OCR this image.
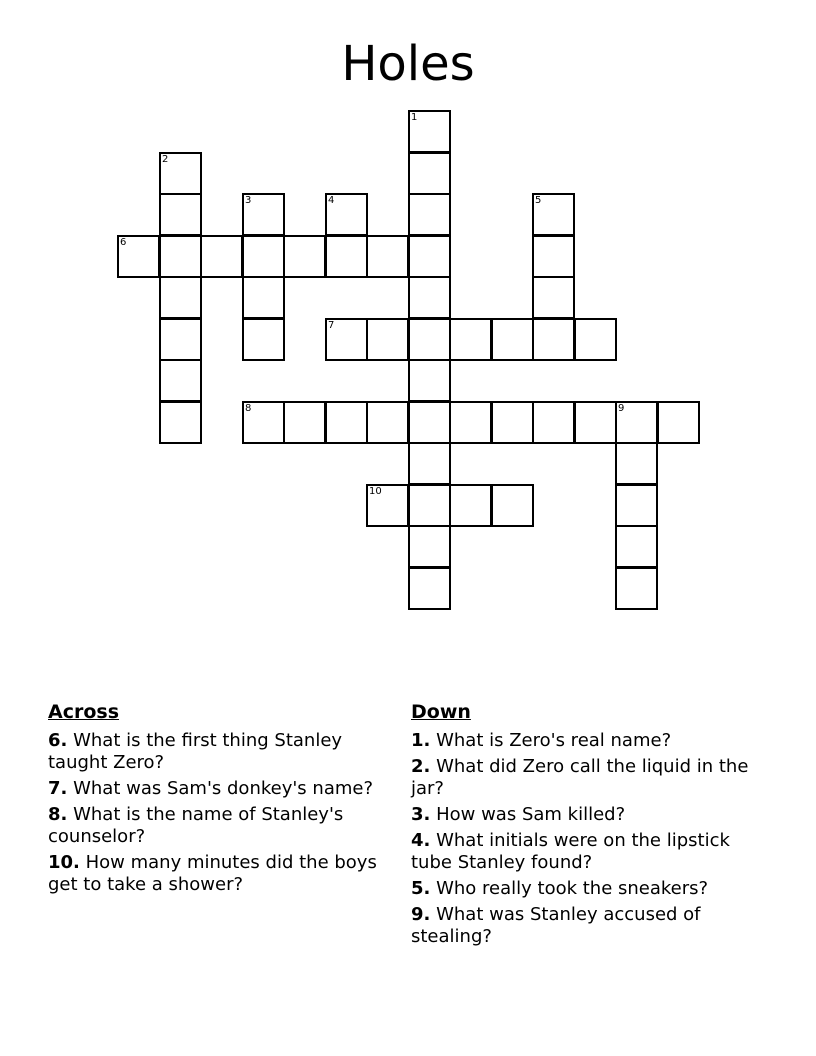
Holes
1
2
3	4	5
6
7
8	9
10
Across
6. What is the first thing Stanley taught Zero?
7. What was Sam's donkey's name?
8. What is the name of Stanley's counselor?
10. How many minutes did the boys get to take a shower?
Down
1. What is Zero's real name?
2. What did Zero call the liquid in the jar?
3. How was Sam killed?
4. What initials were on the lipstick tube Stanley found?
5. Who really took the sneakers?
9. What was Stanley accused of stealing?
